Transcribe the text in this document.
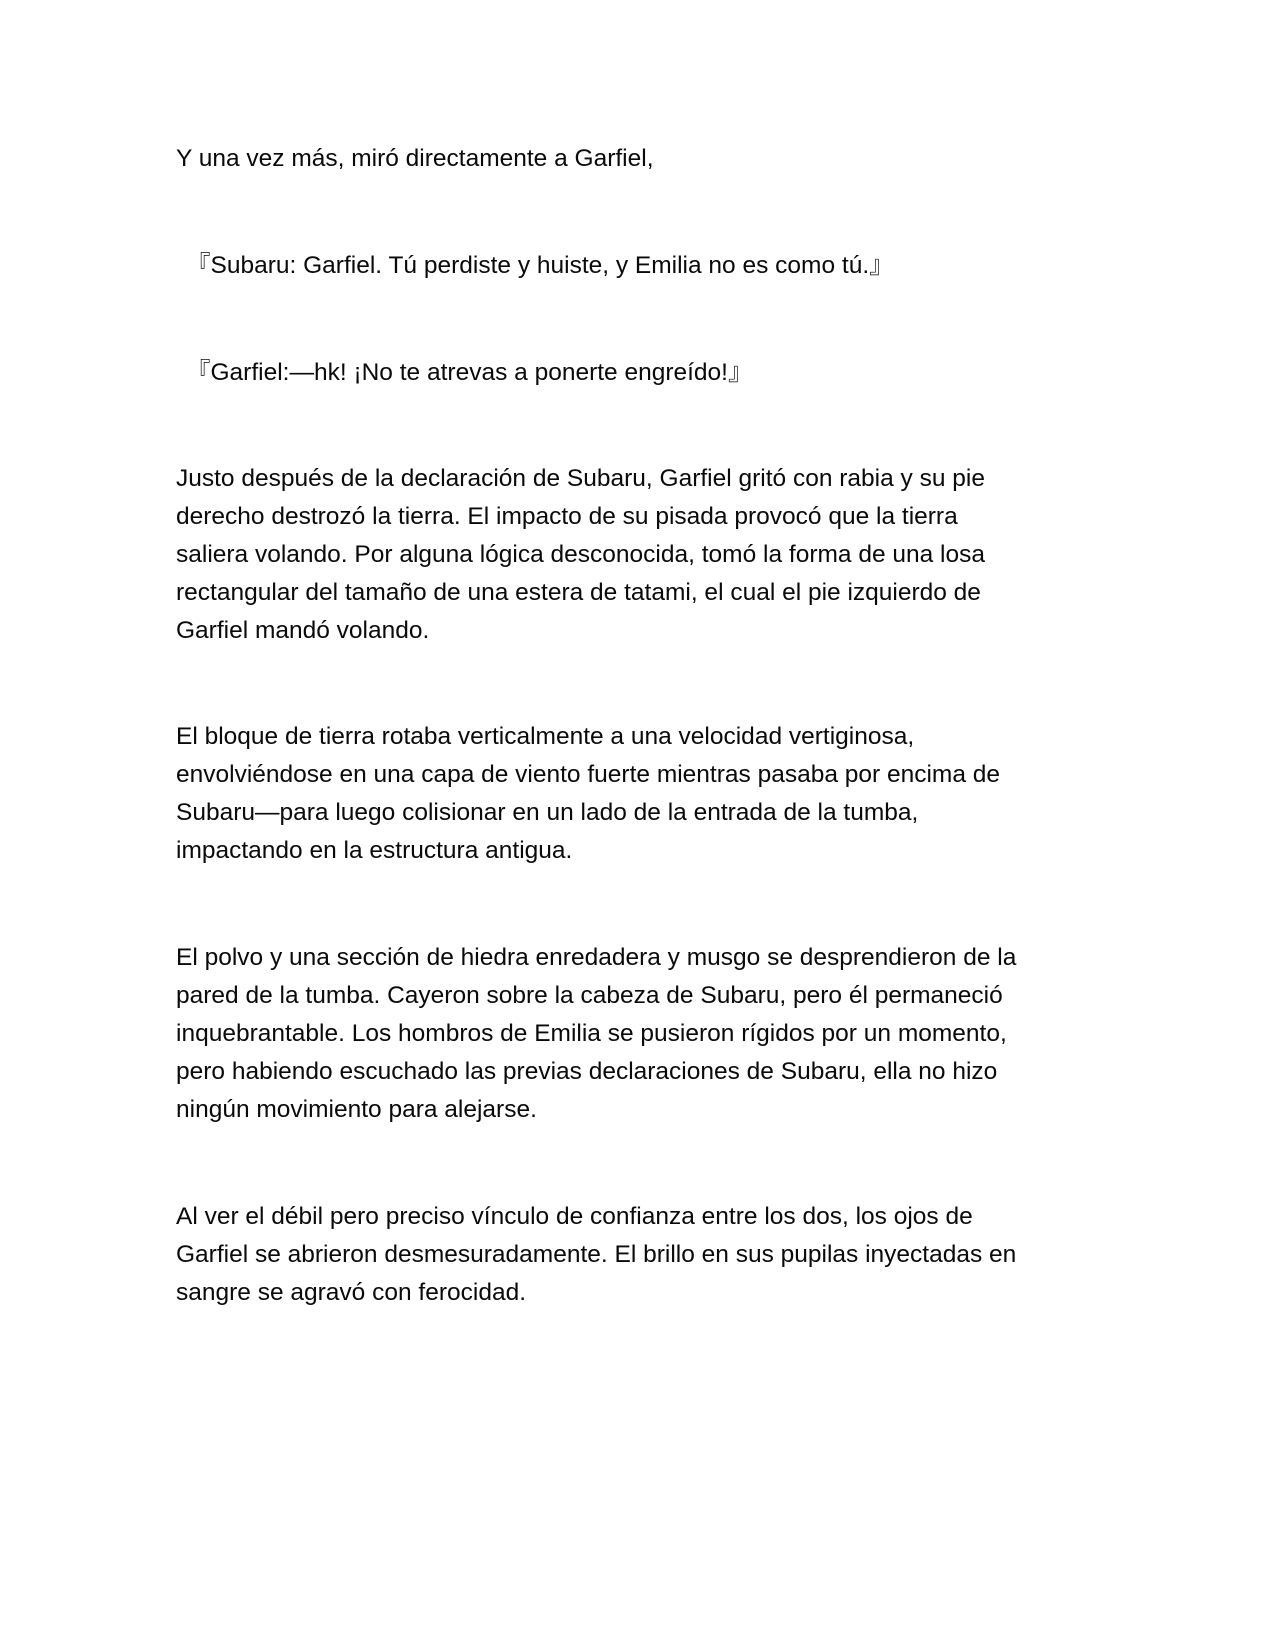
Y una vez más, miró directamente a Garfiel,

『Subaru: Garfiel. Tú perdiste y huiste, y Emilia no es como tú.』

『Garfiel:—hk! ¡No te atrevas a ponerte engreído!』

Justo después de la declaración de Subaru, Garfiel gritó con rabia y su pie
derecho destrozó la tierra. El impacto de su pisada provocó que la tierra
saliera volando. Por alguna lógica desconocida, tomó la forma de una losa
rectangular del tamaño de una estera de tatami, el cual el pie izquierdo de
Garfiel mandó volando.

El bloque de tierra rotaba verticalmente a una velocidad vertiginosa,
envolviéndose en una capa de viento fuerte mientras pasaba por encima de
Subaru—para luego colisionar en un lado de la entrada de la tumba,
impactando en la estructura antigua.

El polvo y una sección de hiedra enredadera y musgo se desprendieron de la
pared de la tumba. Cayeron sobre la cabeza de Subaru, pero él permaneció
inquebrantable. Los hombros de Emilia se pusieron rígidos por un momento,
pero habiendo escuchado las previas declaraciones de Subaru, ella no hizo
ningún movimiento para alejarse.

Al ver el débil pero preciso vínculo de confianza entre los dos, los ojos de
Garfiel se abrieron desmesuradamente. El brillo en sus pupilas inyectadas en
sangre se agravó con ferocidad.
